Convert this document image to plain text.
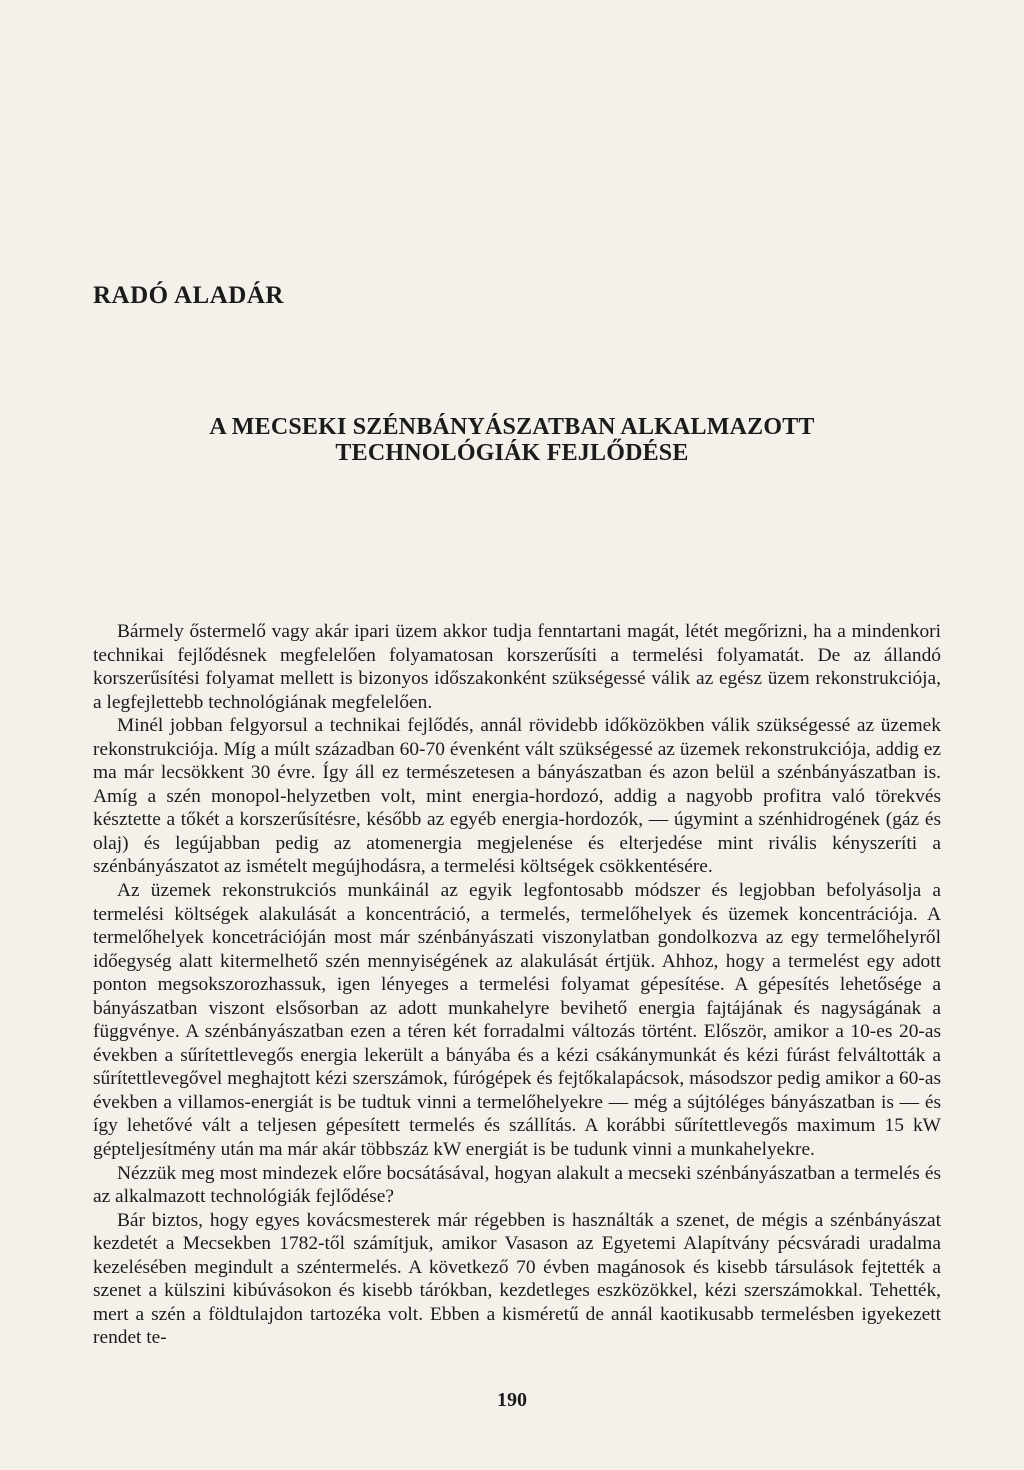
RADÓ ALADÁR
A MECSEKI SZÉNBÁNYÁSZATBAN ALKALMAZOTT
TECHNOLÓGIÁK FEJLŐDÉSE

Bármely őstermelő vagy akár ipari üzem akkor tudja fenntartani magát, létét megőrizni, ha a mindenkori technikai fejlődésnek megfelelően folyamatosan korszerűsíti a termelési folyamatát. De az állandó korszerűsítési folyamat mellett is bizonyos időszakonként szükségessé válik az egész üzem rekonstrukciója, a legfejlettebb technológiának megfelelően.

Minél jobban felgyorsul a technikai fejlődés, annál rövidebb időközökben válik szükségessé az üzemek rekonstrukciója. Míg a múlt században 60-70 évenként vált szükségessé az üzemek rekonstrukciója, addig ez ma már lecsökkent 30 évre. Így áll ez természetesen a bányászatban és azon belül a szénbányászatban is. Amíg a szén monopol-helyzetben volt, mint energia-hordozó, addig a nagyobb profitra való törekvés késztette a tőkét a korszerűsítésre, később az egyéb energia-hordozók, — úgymint a szénhidrogének (gáz és olaj) és legújabban pedig az atomenergia megjelenése és elterjedése mint rivális kényszeríti a szénbányászatot az ismételt megújhodásra, a termelési költségek csökkentésére.

Az üzemek rekonstrukciós munkáinál az egyik legfontosabb módszer és legjobban befolyásolja a termelési költségek alakulását a koncentráció, a termelés, termelőhelyek és üzemek koncentrációja. A termelőhelyek koncetrációján most már szénbányászati viszonylatban gondolkozva az egy termelőhelyről időegység alatt kitermelhető szén mennyiségének az alakulását értjük. Ahhoz, hogy a termelést egy adott ponton megsokszorozhassuk, igen lényeges a termelési folyamat gépesítése. A gépesítés lehetősége a bányászatban viszont elsősorban az adott munkahelyre bevihető energia fajtájának és nagyságának a függvénye. A szénbányászatban ezen a téren két forradalmi változás történt. Először, amikor a 10-es 20-as években a sűrítettlevegős energia lekerült a bányába és a kézi csákánymunkát és kézi fúrást felváltották a sűrítettlevegővel meghajtott kézi szerszámok, fúrógépek és fejtőkalapácsok, másodszor pedig amikor a 60-as években a villamos-energiát is be tudtuk vinni a termelőhelyekre — még a sújtóléges bányászatban is — és így lehetővé vált a teljesen gépesített termelés és szállítás. A korábbi sűrítettlevegős maximum 15 kW gépteljesítmény után ma már akár többszáz kW energiát is be tudunk vinni a munkahelyekre.

Nézzük meg most mindezek előre bocsátásával, hogyan alakult a mecseki szénbányászatban a termelés és az alkalmazott technológiák fejlődése?

Bár biztos, hogy egyes kovácsmesterek már régebben is használták a szenet, de mégis a szénbányászat kezdetét a Mecsekben 1782-től számítjuk, amikor Vasason az Egyetemi Alapítvány pécsváradi uradalma kezelésében megindult a széntermelés. A következő 70 évben magánosok és kisebb társulások fejtették a szenet a külszini kibúvásokon és kisebb tárókban, kezdetleges eszközökkel, kézi szerszámokkal. Tehették, mert a szén a földtulajdon tartozéka volt. Ebben a kisméretű de annál kaotikusabb termelésben igyekezett rendet te-

190
